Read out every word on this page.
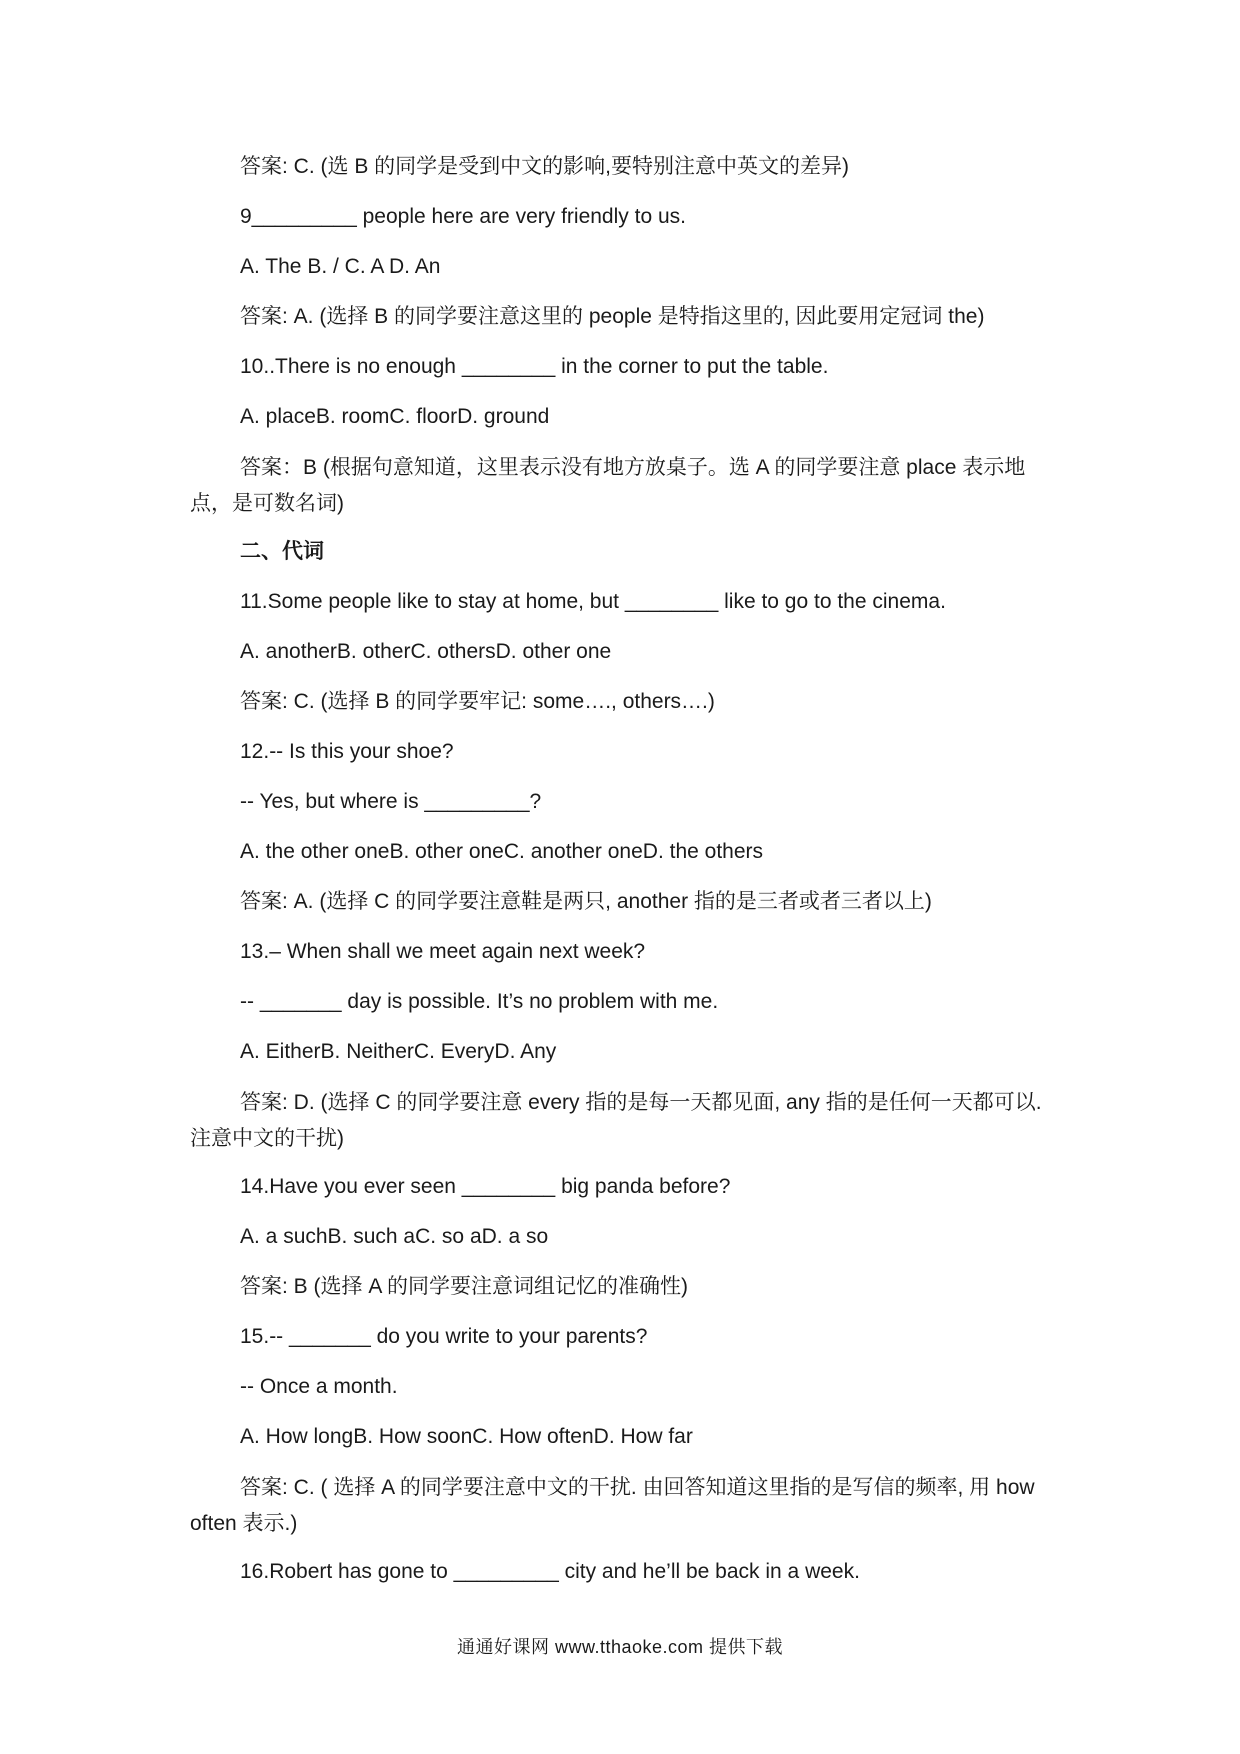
答案: C. (选 B 的同学是受到中文的影响,要特别注意中英文的差异)
9_________ people here are very friendly to us.
A. The B. / C. A D. An
答案: A. (选择 B 的同学要注意这里的 people 是特指这里的, 因此要用定冠词 the)
10..There is no enough ________ in the corner to put the table.
A. placeB. roomC. floorD. ground
答案：B (根据句意知道，这里表示没有地方放桌子。选 A 的同学要注意 place 表示地点，是可数名词)
二、代词
11.Some people like to stay at home, but ________ like to go to the cinema.
A. anotherB. otherC. othersD. other one
答案: C. (选择 B 的同学要牢记: some…., others….)
12.-- Is this your shoe?
-- Yes, but where is _________?
A. the other oneB. other oneC. another oneD. the others
答案: A. (选择 C 的同学要注意鞋是两只, another 指的是三者或者三者以上)
13.– When shall we meet again next week?
-- _______ day is possible. It’s no problem with me.
A. EitherB. NeitherC. EveryD. Any
答案: D. (选择 C 的同学要注意 every 指的是每一天都见面, any 指的是任何一天都可以. 注意中文的干扰)
14.Have you ever seen ________ big panda before?
A. a suchB. such aC. so aD. a so
答案: B (选择 A 的同学要注意词组记忆的准确性)
15.-- _______ do you write to your parents?
-- Once a month.
A. How longB. How soonC. How oftenD. How far
答案: C. ( 选择 A 的同学要注意中文的干扰. 由回答知道这里指的是写信的频率, 用 how often 表示.)
16.Robert has gone to _________ city and he’ll be back in a week.
通通好课网 www.tthaoke.com 提供下载
